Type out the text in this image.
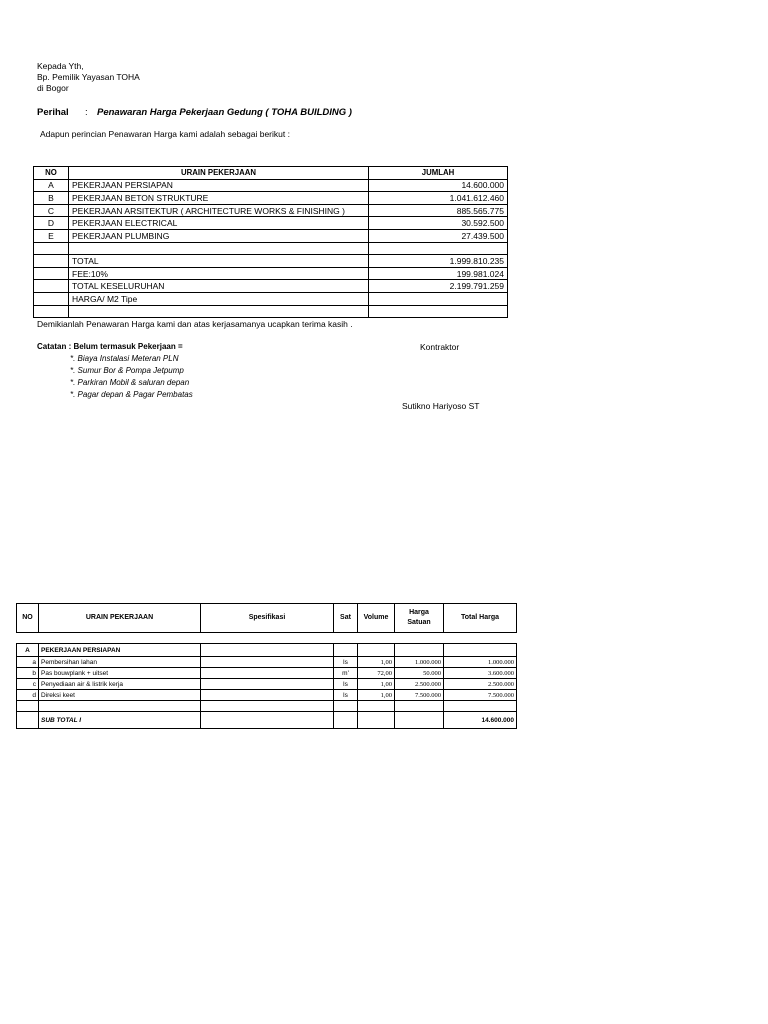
Kepada Yth,
Bp. Pemilik Yayasan TOHA
di Bogor
Perihal : Penawaran Harga Pekerjaan Gedung ( TOHA BUILDING )
Adapun perincian Penawaran Harga kami adalah sebagai berikut :
NO	URAIN PEKERJAAN	JUMLAH
A	PEKERJAAN PERSIAPAN	14.600.000
B	PEKERJAAN BETON STRUKTURE	1.041.612.460
C	PEKERJAAN ARSITEKTUR ( ARCHITECTURE WORKS & FINISHING )	885.565.775
D	PEKERJAAN ELECTRICAL	30.592.500
E	PEKERJAAN PLUMBING	27.439.500

	TOTAL	1.999.810.235
	FEE:10%	199.981.024
	TOTAL KESELURUHAN	2.199.791.259
	HARGA/ M2 Tipe	

Demikianlah Penawaran Harga kami dan atas kerjasamanya ucapkan terima kasih .
Catatan : Belum termasuk Pekerjaan =	Kontraktor
*. Biaya Instalasi Meteran PLN
*. Sumur Bor & Pompa Jetpump
*. Parkiran Mobil & saluran depan
*. Pagar depan & Pagar Pembatas
Sutikno Hariyoso ST
NO	URAIN PEKERJAAN	Spesifikasi	Sat	Volume	Harga Satuan	Total Harga

A	PEKERJAAN PERSIAPAN					
a	Pembersihan lahan		ls	1,00	1.000.000	1.000.000
b	Pas bouwplank + uitset		m'	72,00	50.000	3.600.000
c	Penyediaan air & listrik kerja		ls	1,00	2.500.000	2.500.000
d	Direksi keet		ls	1,00	7.500.000	7.500.000

	SUB TOTAL I					14.600.000
